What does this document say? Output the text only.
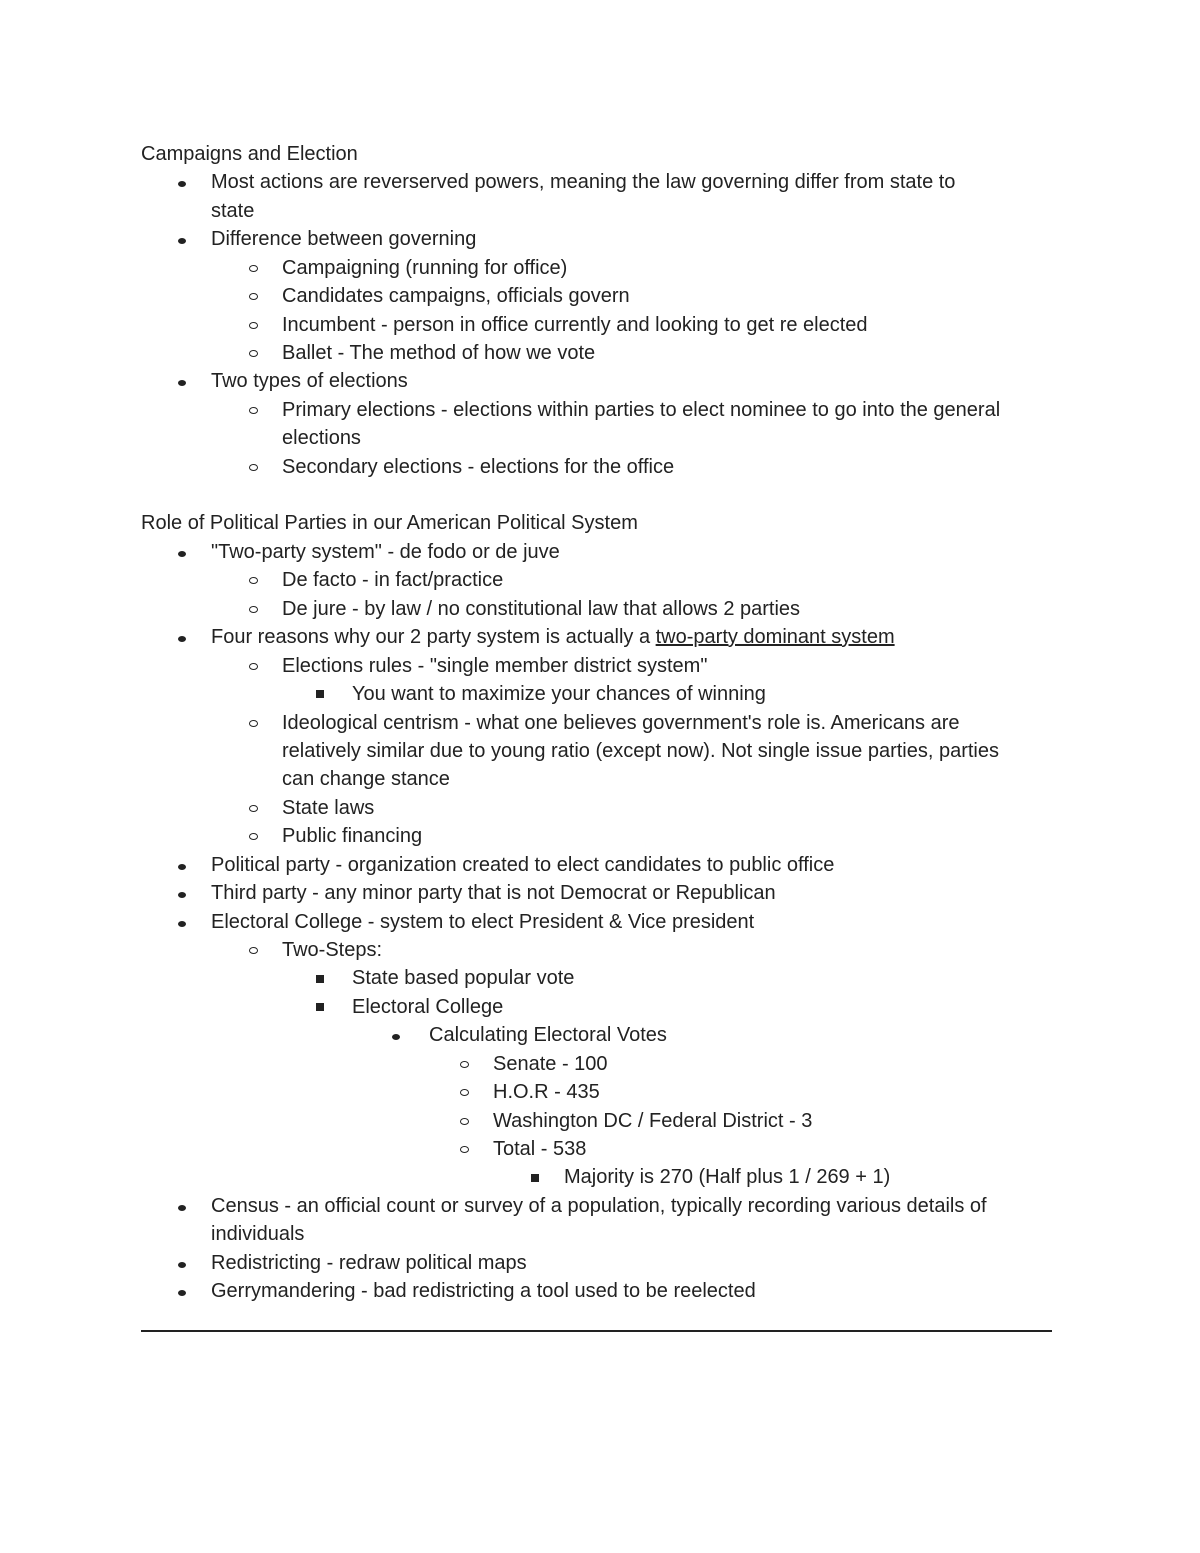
Campaigns and Election
Most actions are reverserved powers, meaning the law governing differ from state to
state
Difference between governing
Campaigning (running for office)
Candidates campaigns, officials govern
Incumbent - person in office currently and looking to get re elected
Ballet - The method of how we vote
Two types of elections
Primary elections - elections within parties to elect nominee to go into the general
elections
Secondary elections - elections for the office
Role of Political Parties in our American Political System
"Two-party system" - de fodo or de juve
De facto - in fact/practice
De jure - by law / no constitutional law that allows 2 parties
Four reasons why our 2 party system is actually a two-party dominant system
Elections rules - "single member district system"
You want to maximize your chances of winning
Ideological centrism - what one believes government's role is. Americans are
relatively similar due to young ratio (except now). Not single issue parties, parties
can change stance
State laws
Public financing
Political party - organization created to elect candidates to public office
Third party - any minor party that is not Democrat or Republican
Electoral College - system to elect President & Vice president
Two-Steps:
State based popular vote
Electoral College
Calculating Electoral Votes
Senate - 100
H.O.R - 435
Washington DC / Federal District - 3
Total - 538
Majority is 270 (Half plus 1 / 269 + 1)
Census - an official count or survey of a population, typically recording various details of
individuals
Redistricting - redraw political maps
Gerrymandering - bad redistricting a tool used to be reelected
